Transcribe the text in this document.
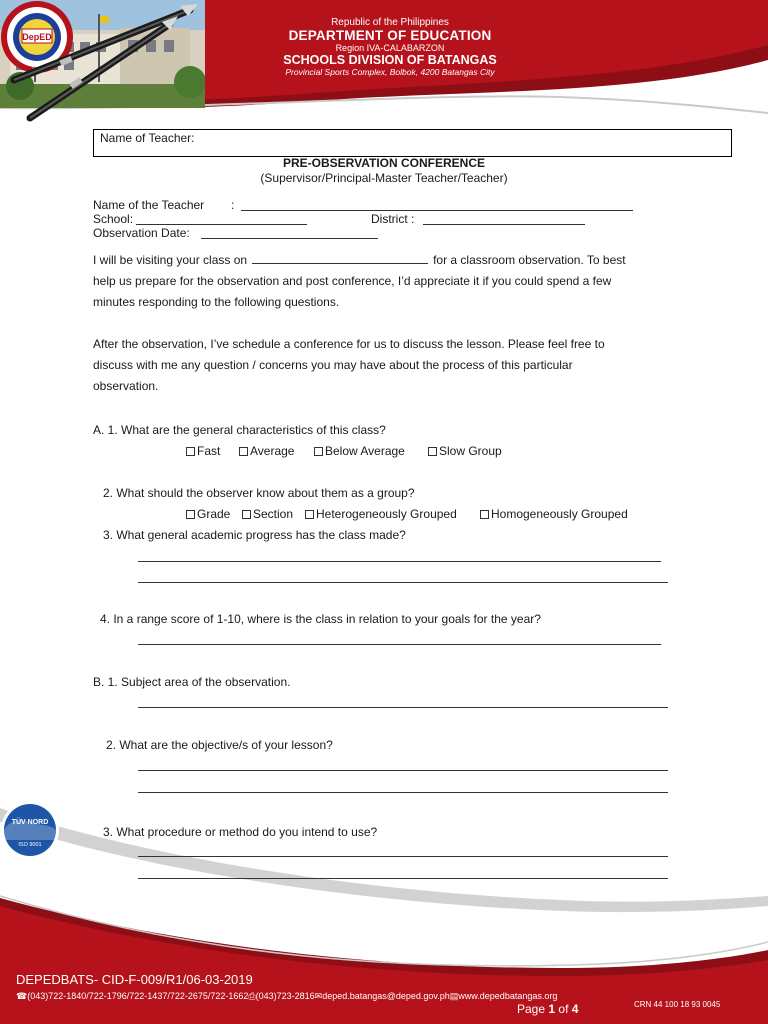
DepED
Republic of the Philippines
DEPARTMENT OF EDUCATION
Region IVA-CALABARZON
SCHOOLS DIVISION OF BATANGAS
Provincial Sports Complex, Bolbok, 4200 Batangas City
Name of Teacher:
PRE-OBSERVATION CONFERENCE
(Supervisor/Principal-Master Teacher/Teacher)
Name of the Teacher :
School:	District :
Observation Date:

I will be visiting your class on	for a classroom observation. To best

help us prepare for the observation and post conference, I’d appreciate it if you could spend a few

minutes responding to the following questions.

After the observation, I’ve schedule a conference for us to discuss the lesson. Please feel free to

discuss with me any question / concerns you may have about the process of this particular

observation.

A. 1. What are the general characteristics of this class?
Fast	Average	Below Average	Slow Group
2. What should the observer know about them as a group?
Grade	Section	Heterogeneously Grouped	Homogeneously Grouped
3. What general academic progress has the class made?
4. In a range score of 1-10, where is the class in relation to your goals for the year?
B. 1. Subject area of the observation.
2. What are the objective/s of your lesson?
3. What procedure or method do you intend to use?
DEPEDBATS- CID-F-009/R1/06-03-2019
☎(043)722-1840/722-1796/722-1437/722-2675/722-1662⎙(043)723-2816✉deped.batangas@deped.gov.ph▤www.depedbatangas.org
Page 1 of 4	CRN 44 100 18 93 0045
TÜV NORD
ISO 9001
